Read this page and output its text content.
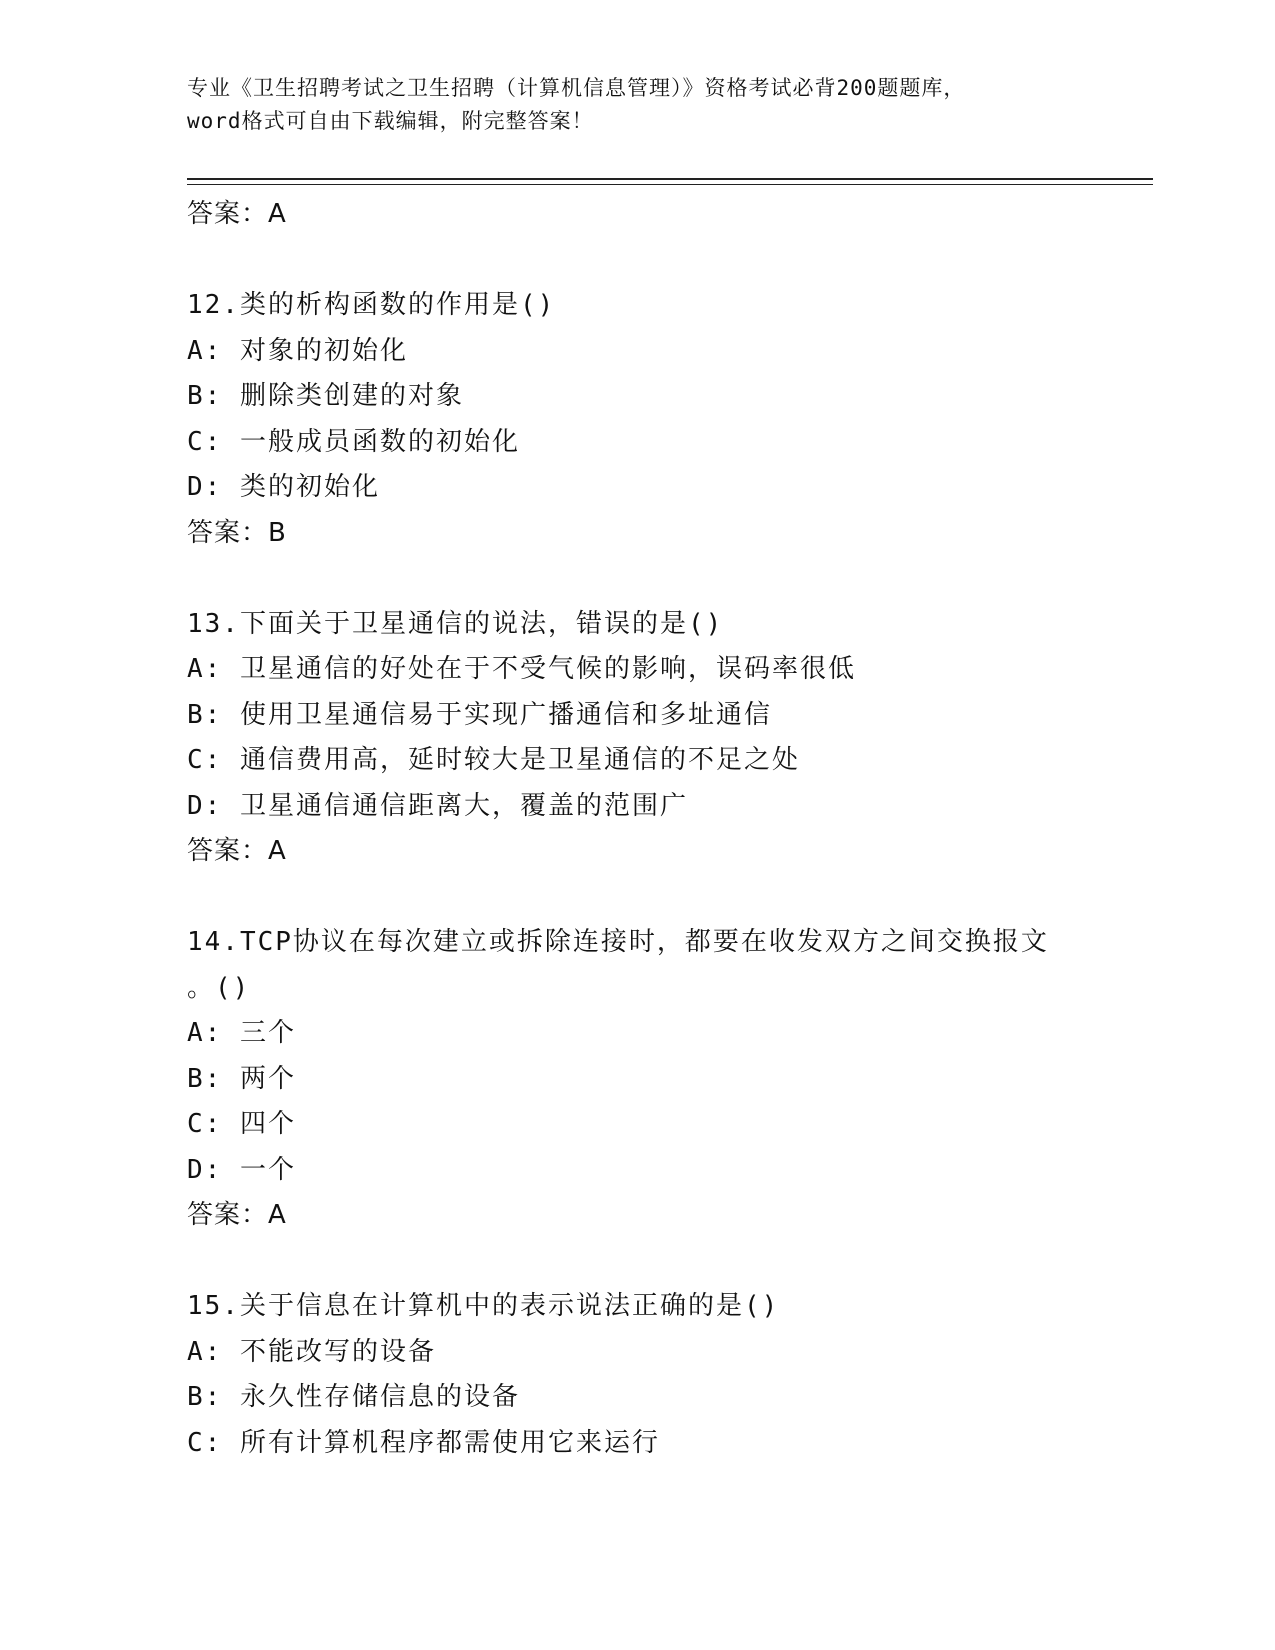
专业《卫生招聘考试之卫生招聘（计算机信息管理）》资格考试必背200题题库，
word格式可自由下载编辑，附完整答案！
答案：A
12.类的析构函数的作用是()
A: 对象的初始化
B: 删除类创建的对象
C: 一般成员函数的初始化
D: 类的初始化
答案：B
13.下面关于卫星通信的说法，错误的是()
A: 卫星通信的好处在于不受气候的影响，误码率很低
B: 使用卫星通信易于实现广播通信和多址通信
C: 通信费用高，延时较大是卫星通信的不足之处
D: 卫星通信通信距离大，覆盖的范围广
答案：A
14.TCP协议在每次建立或拆除连接时，都要在收发双方之间交换报文
。()
A: 三个
B: 两个
C: 四个
D: 一个
答案：A
15.关于信息在计算机中的表示说法正确的是()
A: 不能改写的设备
B: 永久性存储信息的设备
C: 所有计算机程序都需使用它来运行
